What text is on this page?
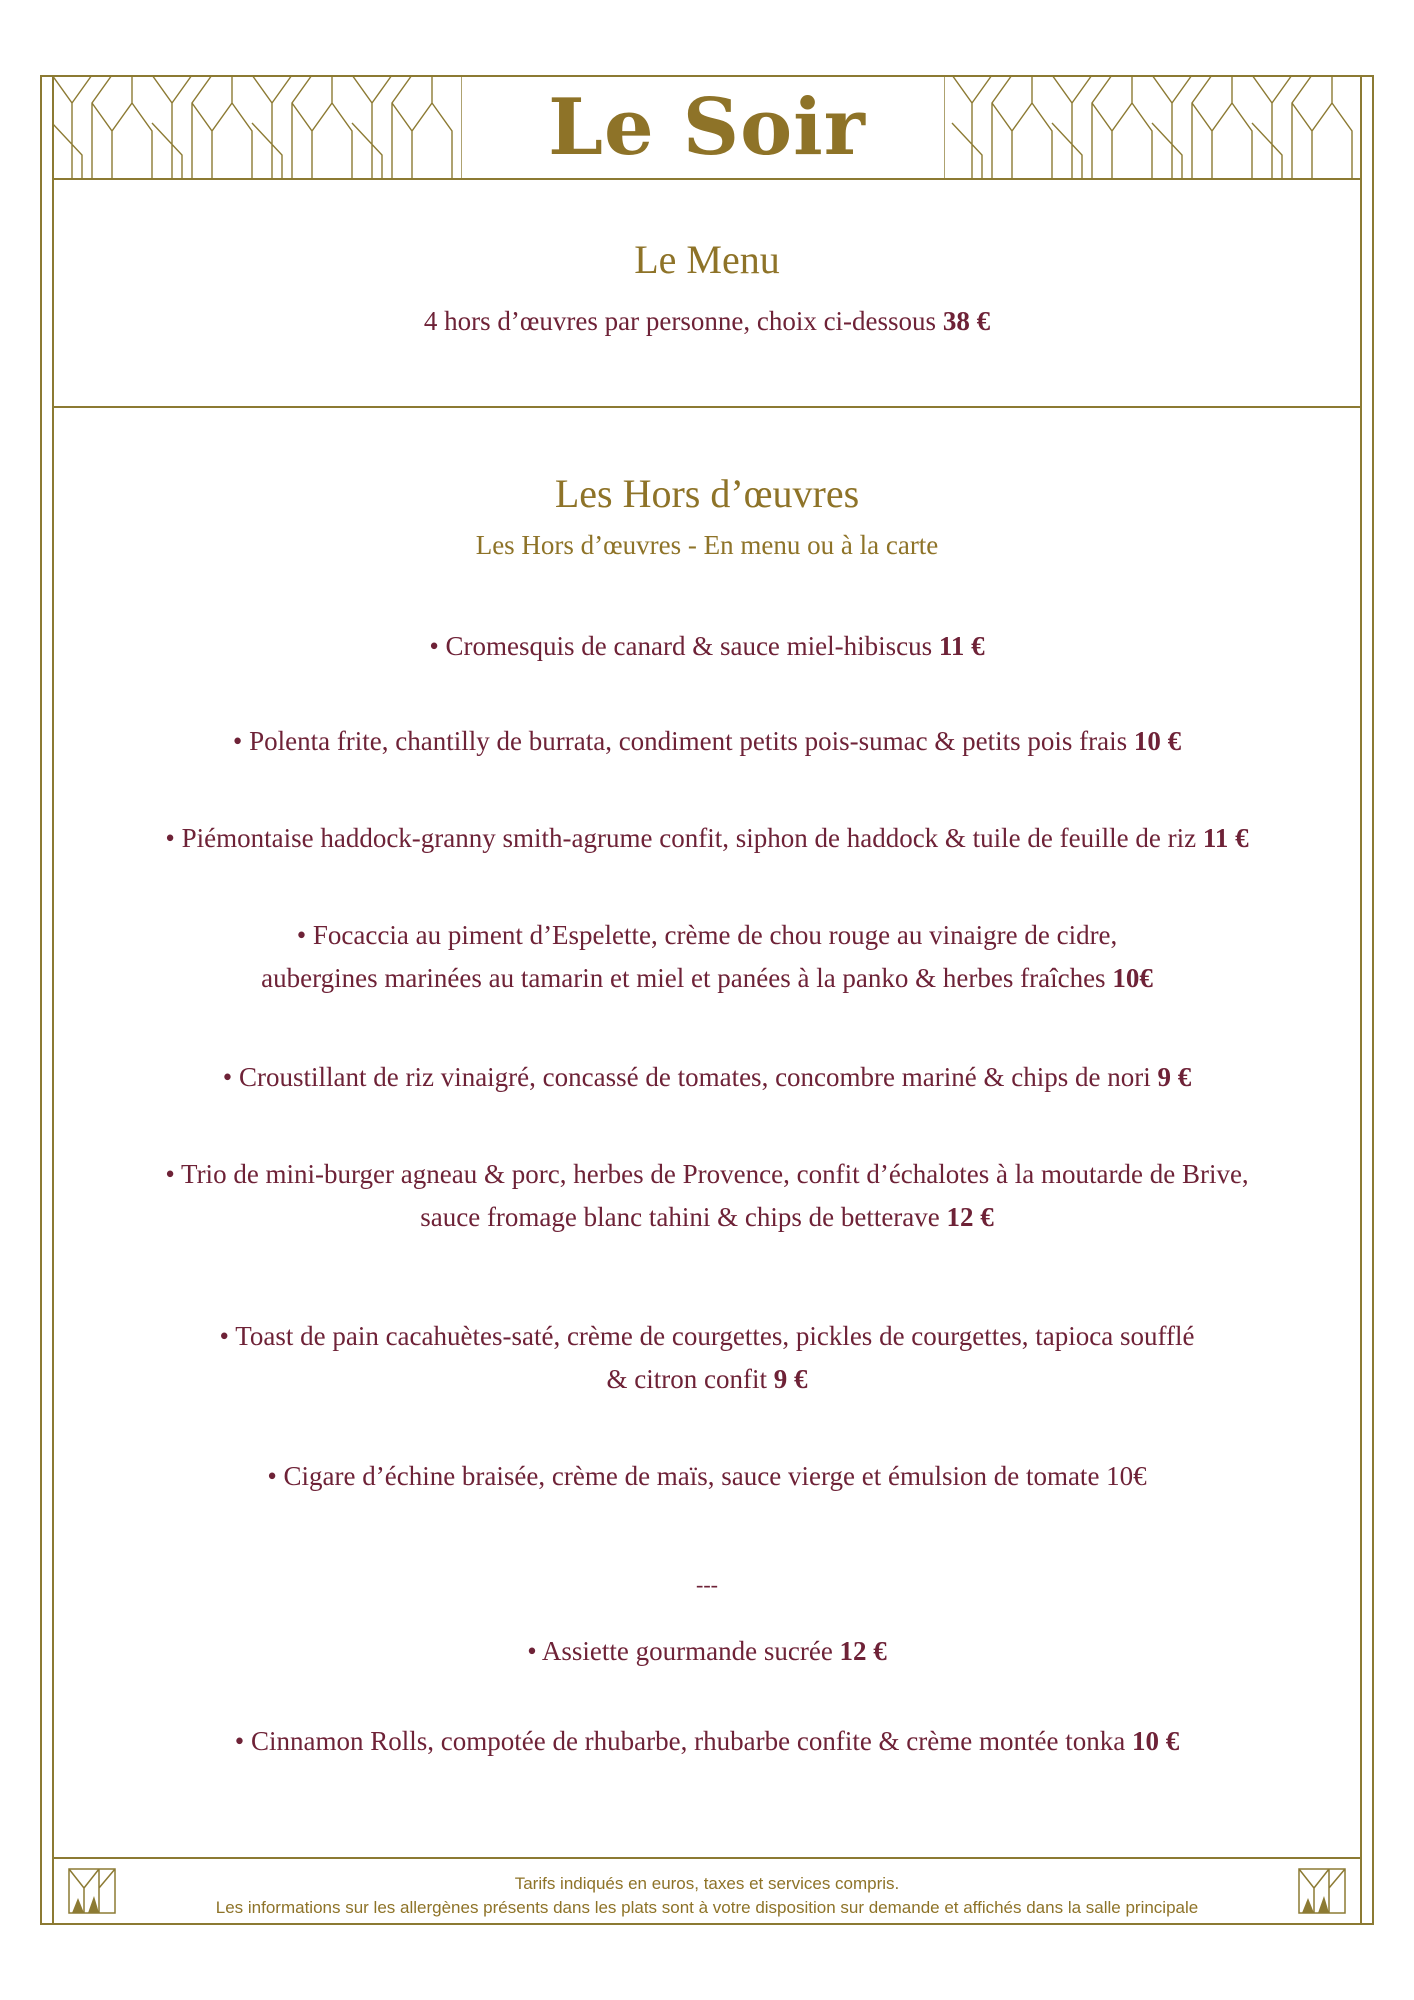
Le Soir
Le Menu
4 hors d’œuvres par personne, choix ci-dessous 38 €
Les Hors d’œuvres
Les Hors d’œuvres - En menu ou à la carte
• Cromesquis de canard & sauce miel-hibiscus 11 €
• Polenta frite, chantilly de burrata, condiment petits pois-sumac & petits pois frais 10 €
• Piémontaise haddock-granny smith-agrume confit, siphon de haddock & tuile de feuille de riz 11 €
• Focaccia au piment d’Espelette, crème de chou rouge au vinaigre de cidre,
aubergines marinées au tamarin et miel et panées à la panko & herbes fraîches 10€
• Croustillant de riz vinaigré, concassé de tomates, concombre mariné & chips de nori 9 €
• Trio de mini-burger agneau & porc, herbes de Provence, confit d’échalotes à la moutarde de Brive,
sauce fromage blanc tahini & chips de betterave 12 €
• Toast de pain cacahuètes-saté, crème de courgettes, pickles de courgettes, tapioca soufflé
& citron confit 9 €
• Cigare d’échine braisée, crème de maïs, sauce vierge et émulsion de tomate 10€
---
• Assiette gourmande sucrée 12 €
• Cinnamon Rolls, compotée de rhubarbe, rhubarbe confite & crème montée tonka 10 €
Tarifs indiqués en euros, taxes et services compris.
Les informations sur les allergènes présents dans les plats sont à votre disposition sur demande et affichés dans la salle principale
